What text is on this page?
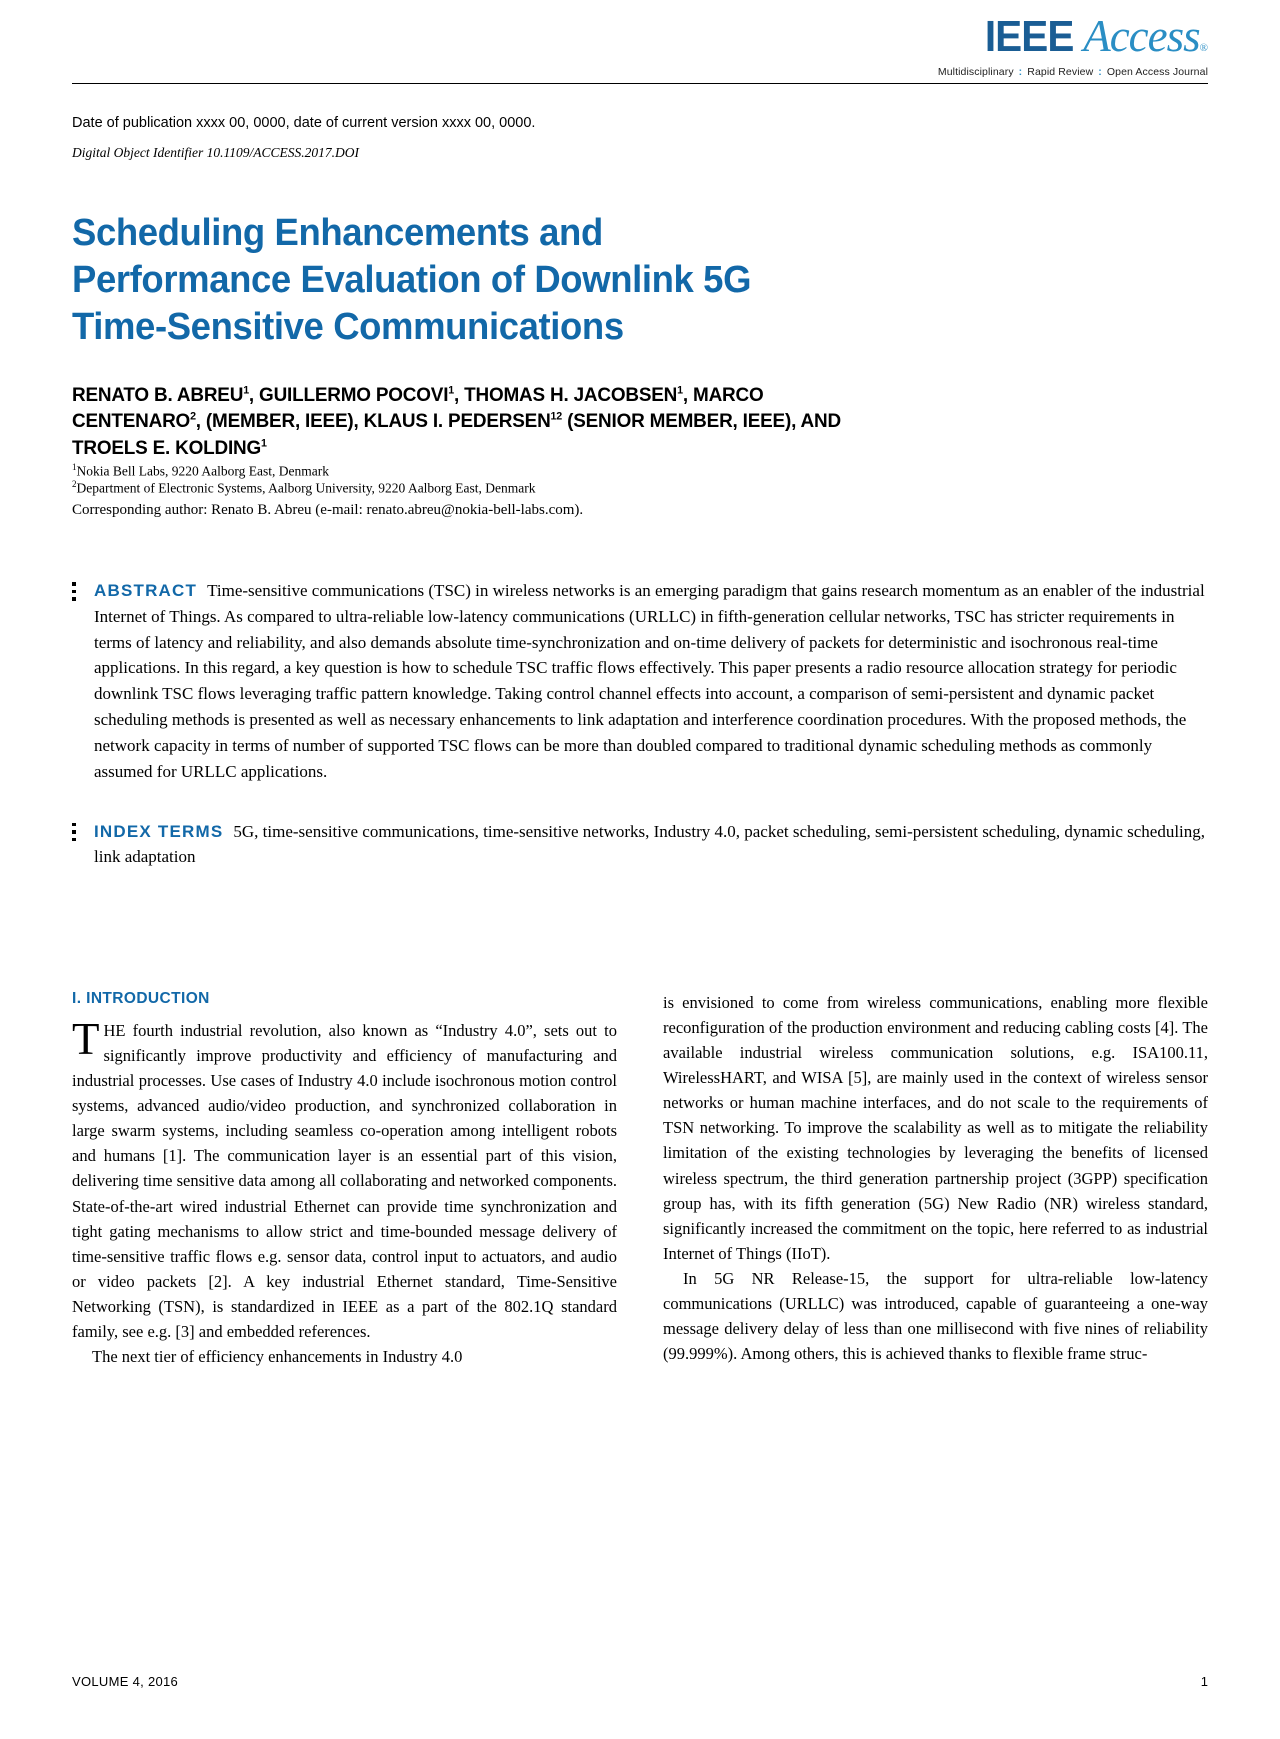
IEEE Access ®
Multidisciplinary : Rapid Review : Open Access Journal
Date of publication xxxx 00, 0000, date of current version xxxx 00, 0000.
Digital Object Identifier 10.1109/ACCESS.2017.DOI
Scheduling Enhancements and
Performance Evaluation of Downlink 5G
Time-Sensitive Communications
RENATO B. ABREU$^1$, GUILLERMO POCOVI$^1$, THOMAS H. JACOBSEN$^1$, MARCO CENTENARO$^2$, (MEMBER, IEEE), KLAUS I. PEDERSEN$^{12}$ (SENIOR MEMBER, IEEE), AND TROELS E. KOLDING$^1$
$^1$Nokia Bell Labs, 9220 Aalborg East, Denmark
$^2$Department of Electronic Systems, Aalborg University, 9220 Aalborg East, Denmark
Corresponding author: Renato B. Abreu (e-mail: renato.abreu@nokia-bell-labs.com).
ABSTRACT Time-sensitive communications (TSC) in wireless networks is an emerging paradigm that gains research momentum as an enabler of the industrial Internet of Things. As compared to ultra-reliable low-latency communications (URLLC) in fifth-generation cellular networks, TSC has stricter requirements in terms of latency and reliability, and also demands absolute time-synchronization and on-time delivery of packets for deterministic and isochronous real-time applications. In this regard, a key question is how to schedule TSC traffic flows effectively. This paper presents a radio resource allocation strategy for periodic downlink TSC flows leveraging traffic pattern knowledge. Taking control channel effects into account, a comparison of semi-persistent and dynamic packet scheduling methods is presented as well as necessary enhancements to link adaptation and interference coordination procedures. With the proposed methods, the network capacity in terms of number of supported TSC flows can be more than doubled compared to traditional dynamic scheduling methods as commonly assumed for URLLC applications.
INDEX TERMS 5G, time-sensitive communications, time-sensitive networks, Industry 4.0, packet scheduling, semi-persistent scheduling, dynamic scheduling, link adaptation
I. INTRODUCTION

THE fourth industrial revolution, also known as “Industry 4.0”, sets out to significantly improve productivity and efficiency of manufacturing and industrial processes. Use cases of Industry 4.0 include isochronous motion control systems, advanced audio/video production, and synchronized collaboration in large swarm systems, including seamless co-operation among intelligent robots and humans [1]. The communication layer is an essential part of this vision, delivering time sensitive data among all collaborating and networked components. State-of-the-art wired industrial Ethernet can provide time synchronization and tight gating mechanisms to allow strict and time-bounded message delivery of time-sensitive traffic flows e.g. sensor data, control input to actuators, and audio or video packets [2]. A key industrial Ethernet standard, Time-Sensitive Networking (TSN), is standardized in IEEE as a part of the 802.1Q standard family, see e.g. [3] and embedded references.

The next tier of efficiency enhancements in Industry 4.0

is envisioned to come from wireless communications, enabling more flexible reconfiguration of the production environment and reducing cabling costs [4]. The available industrial wireless communication solutions, e.g. ISA100.11, WirelessHART, and WISA [5], are mainly used in the context of wireless sensor networks or human machine interfaces, and do not scale to the requirements of TSN networking. To improve the scalability as well as to mitigate the reliability limitation of the existing technologies by leveraging the benefits of licensed wireless spectrum, the third generation partnership project (3GPP) specification group has, with its fifth generation (5G) New Radio (NR) wireless standard, significantly increased the commitment on the topic, here referred to as industrial Internet of Things (IIoT).

In 5G NR Release-15, the support for ultra-reliable low-latency communications (URLLC) was introduced, capable of guaranteeing a one-way message delivery delay of less than one millisecond with five nines of reliability (99.999%). Among others, this is achieved thanks to flexible frame struc-

VOLUME 4, 2016	1
